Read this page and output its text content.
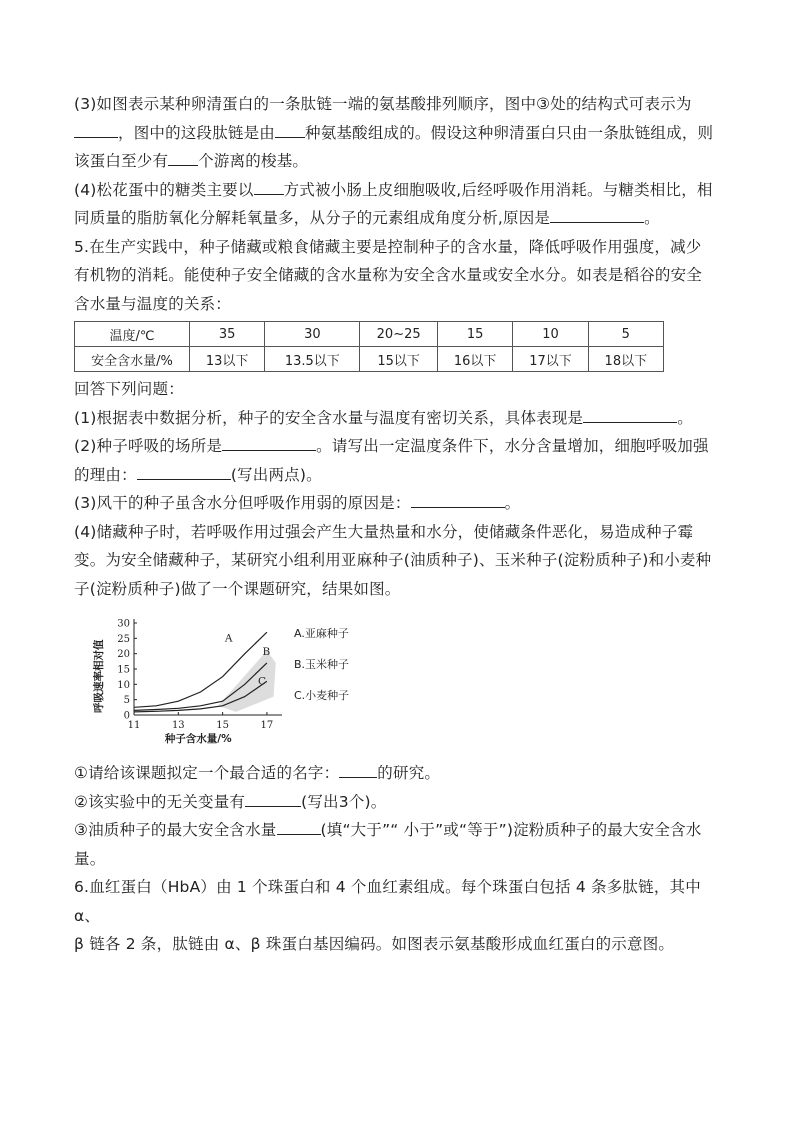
(3)如图表示某种卵清蛋白的一条肽链一端的氨基酸排列顺序，图中③处的结构式可表示为

，图中的这段肽链是由 种氨基酸组成的。假设这种卵清蛋白只由一条肽链组成，则

该蛋白至少有 个游离的梭基。

(4)松花蛋中的糖类主要以 方式被小肠上皮细胞吸收,后经呼吸作用消耗。与糖类相比，相

同质量的脂肪氧化分解耗氧量多，从分子的元素组成角度分析,原因是	。

5.在生产实践中，种子储藏或粮食储藏主要是控制种子的含水量，降低呼吸作用强度，减少

有机物的消耗。能使种子安全储藏的含水量称为安全含水量或安全水分。如表是稻谷的安全

含水量与温度的关系：

温度/℃	35	30	20~25	15	10	5
安全含水量/%	13以下	13.5以下	15以下	16以下	17以下	18以下

回答下列问题：

(1)根据表中数据分析，种子的安全含水量与温度有密切关系，具体表现是	。

(2)种子呼吸的场所是	。请写出一定温度条件下，水分含量增加，细胞呼吸加强

的理由：	(写出两点)。

(3)风干的种子虽含水分但呼吸作用弱的原因是：	。

(4)储藏种子时，若呼吸作用过强会产生大量热量和水分，使储藏条件恶化，易造成种子霉

变。为安全储藏种子，某研究小组利用亚麻种子(油质种子)、玉米种子(淀粉质种子)和小麦种

子(淀粉质种子)做了一个课题研究，结果如图。

30
25
20
15
10
5
0
11	13	15	17
呼吸速率相对值
种子含水量/%
A
B
C
A.亚麻种子
B.玉米种子
C.小麦种子

①请给该课题拟定一个最合适的名字： 的研究。

②该实验中的无关变量有	(写出3个)。

③油质种子的最大安全含水量	(填“大于”“ 小于”或“等于”)淀粉质种子的最大安全含水

量。

6.血红蛋白（HbA）由 1 个珠蛋白和 4 个血红素组成。每个珠蛋白包括 4 条多肽链，其中 α、

β 链各 2 条，肽链由 α、β 珠蛋白基因编码。如图表示氨基酸形成血红蛋白的示意图。
